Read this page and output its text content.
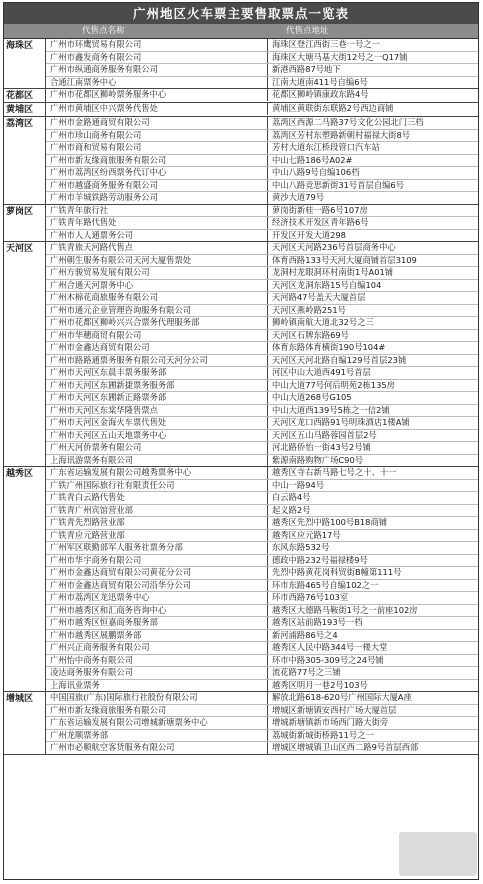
广州地区火车票主要售取票点一览表
代售点名称	代售点地址
海珠区	广州市环鹰贸易有限公司	海珠区登江西街三巷一号之一
广州市鑫发商务有限公司	海珠区大塘马基大街12号之一Q17铺
广州市纵通商务服务有限公司	新港西路87号地下
合通江南票务中心	江南大道南411号自编6号
花都区	广州市花都区狮岭票务服务中心	花都区狮岭镇康政东路4号
黄埔区	广州市黄埔区中兴票务代售处	黄埔区黄联街东联路2号西边商铺
荔湾区	广州市金路通商贸有限公司	荔湾区西源二马路37号文化公园北门三档
广州市珍山商务有限公司	荔湾区芳村东塑路新朝村福禄大街8号
广州市商和贸易有限公司	芳村大道东江桥段管口汽车站
广州市新友缘商旅服务有限公司	中山七路186号A02#
广州市荔湾区纷西票务代订中心	中山八路9号自编106档
广州市越盛商务服务有限公司	中山八路竞思新街31号首层自编6号
广州市羊城铁路劳动服务公司	黄沙大道79号
萝岗区	广铁青年旅行社	萝岗街新桂一路6号107房
广铁青年路代售处	经济技术开发区青年路6号
广州市人人通票务公司	开发区开发大道298
天河区	广铁青旅天河路代售点	天河区天河路236号首层商务中心
广州朝生服务有限公司天河大厦售票处	体育西路133号天河大厦商铺首层3109
广州方骏贸易发展有限公司	龙洞村龙眼洞环村南街1号A01铺
广州合通天河票务中心	天河区龙洞东路15号自编104
广州木棉花商旅服务有限公司	天河路47号盖天大厦首层
广州市通元企业管理咨询服务有限公司	天河区燕岭路251号
广州市花都区狮岭兴兴合票务代理服务部	狮岭镇南航大道北32号之三
广州市华穗商贸有限公司	天河区石牌东路69号
广州市金鑫达商贸有限公司	体育东路体育横街190号104#
广州市路路通票务服务有限公司天河分公司	天河区天河北路自编129号首层23铺
广州市天河区东晨丰票务服务部	河区中山大道西491号首层
广州市天河区东圃新捷票务服务部	中山大道77号何后明苑2栋135房
广州市天河区东圃新正路票务部	中山大道268号G105
广州市天河区东棠华隆售票点	中山大道西139号5栋之一信2铺
广州市天河区金海火车票代售处	天河区龙口西路91号明珠酒店1楼A铺
广州市天河区五山天地票务中心	天河区五山马路蓉园首层2号
广州天河侨票务有限公司	河北路侨怡一街43号2号铺
上海讯游票务有限公司	紫源南路购物广场C90号
越秀区	广东省运输发展有限公司越秀票务中心	越秀区寺右新马路七号之十、十一
广铁广州国际旅行社有限责任公司	中山一路94号
广铁青白云路代售处	白云路4号
广铁青广州宾馆营业部	起义路2号
广铁青先烈路营业部	越秀区先烈中路100号B18商铺
广铁青应元路营业部	越秀区应元路17号
广州军区联勤部军人服务社票务分部	东风东路532号
广州市华宇商务有限公司	德政中路232号福禄楼9号
广州市金鑫达商贸有限公司黄花分公司	先烈中路黄花岗科贸街B幢第111号
广州市金鑫达商贸有限公司沿华分公司	环市东路465号自编102之一
广州市荔湾区龙迅票务中心	环市西路76号103室
广州市越秀区和汇商务咨询中心	越秀区大德路马鞍街1号之一前座102房
广州市越秀区恒嘉商务服务部	越秀区站前路193号一档
广州市越秀区展鹏票务部	新河浦路86号之4
广州兴正商务服务有限公司	越秀区人民中路344号一楼大堂
广州怡中商务有限公司	环市中路305-309号之24号铺
凌达商务服务有限公司	流花路77号之三铺
上海讯业票务	越秀区明月一巷2号103号
增城区	中国国旅(广东)国际旅行社股份有限公司	解放北路618-620号广州国际大厦A座
广州市新友缘商旅服务有限公司	增城区新塘镇安西村广场大厦首层
广东省运输发展有限公司增城新塘票务中心	增城新塘镇新市场西门路大街旁
广州龙顺票务部	荔城街新城街桥路11号之一
广州市必顺航空客货服务有限公司	增城区增城镇卫山区西二路9号首层西部
